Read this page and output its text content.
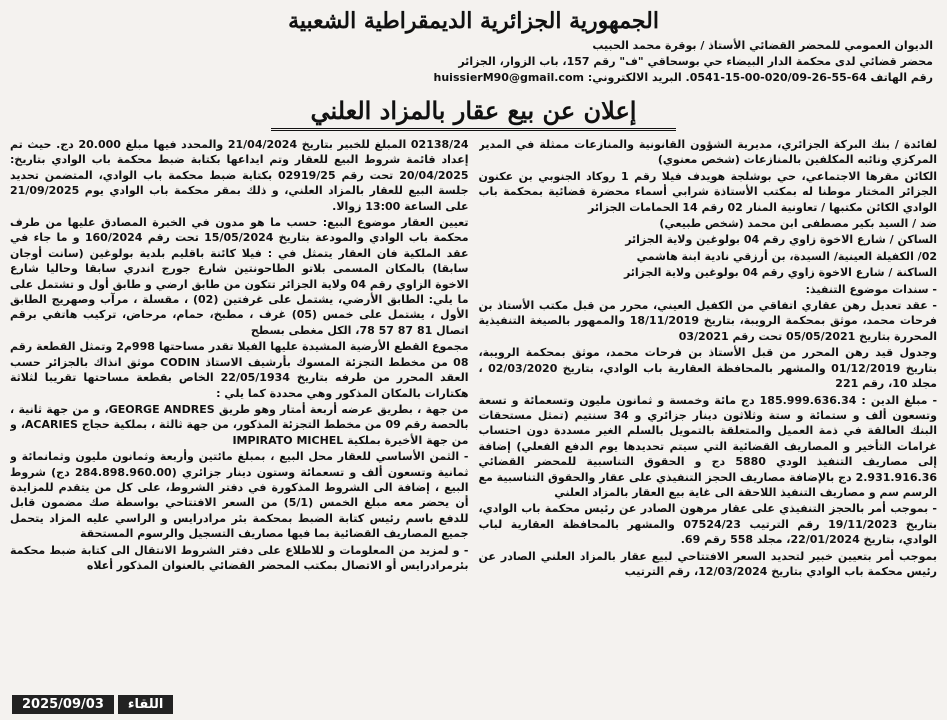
الجمهورية الجزائرية الديمقراطية الشعبية
الديوان العمومي للمحضر القضائي الأستاذ / بوقرة محمد الحبيب
محضر قضائي لدى محكمة الدار البيضاء حي بوسحاقي "ف" رقم 157، باب الزوار، الجزائر
رقم الهاتف 64-55-26-020/09-00-15-0541. البريد الالكتروني: huissierM90@gmail.com
إعلان عن بيع عقار بالمزاد العلني

لفائدة / بنك البركة الجزائري، مديرية الشؤون القانونية والمنازعات ممثلة في المدير المركزي ونائبه المكلفين بالمنازعات (شخص معنوي)

الكائن مقرها الاجتماعي، حي بوشلجة هويدف فيلا رقم 1 روكاد الجنوبي بن عكنون الجزائر المختار موطنا له بمكتب الأستاذة شرابي أسماء محضرة قضائية بمحكمة باب الوادي الكائن مكتبها / تعاونية المنار 02 رقم 14 الحمامات الجزائر

ضد / السيد بكير مصطفى ابن محمد (شخص طبيعي)

الساكن / شارع الاخوة زاوي رقم 04 بولوغين ولاية الجزائر

02/ الكفيلة العينية/ السيدة، بن أرزقي نادية ابنة هاشمي

الساكنة / شارع الاخوة زاوي رقم 04 بولوغين ولاية الجزائر

- سندات موضوع التنفيذ:

- عقد تعديل رهن عقاري اتفاقي من الكفيل العيني، محرر من قبل مكتب الأستاذ بن فرحات محمد، موثق بمحكمة الرويبة، بتاريخ 18/11/2019 والممهور بالصيغة التنفيذية المحررة بتاريخ 05/05/2021 تحت رقم 03/2021

وجدول قيد رهن المحرر من قبل الأستاذ بن فرحات محمد، موثق بمحكمة الرويبة، بتاريخ 01/12/2019 والمشهر بالمحافظة العقارية باب الوادي، بتاريخ 02/03/2020 ، مجلد 10، رقم 221

- مبلغ الدين : 185.999.636.34 دج مائة وخمسة و ثمانون مليون وتسعمائة و تسعة وتسعون ألف و ستمائة و ستة وثلاثون دينار جزائري و 34 سنتيم (تمثل مستحقات البنك العالقة في ذمة العميل والمتعلقة بالتمويل بالسلم الغير مسددة دون احتساب غرامات التأخير و المصاريف القضائية التي سيتم تحديدها يوم الدفع الفعلي) إضافة إلى مصاريف التنفيذ الودي 5880 دج و الحقوق التناسبية للمحضر القضائي 2.931.916.36 دج بالإضافة مصاريف الحجز التنفيذي على عقار والحقوق التناسبية مع الرسم سم و مصاريف التنفيذ اللاحقة الى غاية بيع العقار بالمزاد العلني

- بموجب أمر بالحجز التنفيذي على عقار مرهون الصادر عن رئيس محكمة باب الوادي، بتاريخ 19/11/2023 رقم الترتيب 07524/23 والمشهر بالمحافظة العقارية لباب الوادي، بتاريخ 22/01/2024، مجلد 558 رقم 69.

بموجب أمر بتعيين خبير لتحديد السعر الافتتاحي لبيع عقار بالمزاد العلني الصادر عن رئيس محكمة باب الوادي بتاريخ 12/03/2024، رقم الترتيب

02138/24 المبلغ للخبير بتاريخ 21/04/2024 والمحدد فيها مبلغ 20.000 دج. حيث تم إعداد قائمة شروط البيع للعقار وتم ايداعها بكتابة ضبط محكمة باب الوادي بتاريخ: 20/04/2025 تحت رقم 02919/25 بكتابة ضبط محكمة باب الوادي، المتضمن تحديد جلسة البيع للعقار بالمزاد العلني، و ذلك بمقر محكمة باب الوادي يوم 21/09/2025 على الساعة 13:00 زوالا.

تعيين العقار موضوع البيع: حسب ما هو مدون في الخبرة المصادق عليها من طرف محكمة باب الوادي والمودعة بتاريخ 15/05/2024 تحت رقم 160/2024 و ما جاء في عقد الملكية فان العقار يتمثل في : فيلا كائنة باقليم بلدية بولوغين (سانت أوجان سابقا) بالمكان المسمى بلاتو الطاحونتين شارع جورج اندري سابقا وحاليا شارع الاخوة الزاوي رقم 04 ولاية الجزائر تتكون من طابق ارضي و طابق أول و تشتمل على ما يلي: الطابق الأرضي، يشتمل على غرفتين (02) ، مقسلة ، مرآب وصهريج الطابق الأول ، يشتمل على خمس (05) غرف ، مطبخ، حمام، مرحاض، تركيب هاتفي برقم اتصال 81 87 57 78، الكل مغطى بسطح

مجموع القطع الأرضية المشيدة عليها الفيلا تقدر مساحتها 998م2 وتمثل القطعة رقم 08 من مخطط التجزئة المسوك بأرشيف الاستاذ CODIN موثق انذاك بالجزائر حسب العقد المحرر من طرفه بتاريخ 22/05/1934 الخاص بقطعة مساحتها تقريبا لثلاثة هكتارات بالمكان المذكور وهي محددة كما يلي :

من جهة ، بطريق عرضه أربعة أمتار وهو طريق GEORGE ANDRES، و من جهة ثانية ، بالحصة رقم 09 من مخطط التجزئة المذكور، من جهة ثالثة ، بملكية حجاج ACARIES، و من جهة الأخيرة بملكية IMPIRATO MICHEL

- الثمن الأساسي للعقار محل البيع ، بمبلغ مائتين وأربعة وثمانون مليون وثمانمائة و ثمانية وتسعون ألف و تسعمائة وستون دينار جزائري (284.898.960.00 دج) شروط البيع ، إضافة الى الشروط المذكورة في دفتر الشروط، على كل من يتقدم للمزايدة أن يحضر معه مبلغ الخمس (5/1) من السعر الافتتاحي بواسطة صك مضمون قابل للدفع باسم رئيس كتابة الضبط بمحكمة بئر مرادرايس و الراسي عليه المزاد يتحمل جميع المصاريف القضائية بما فيها مصاريف التسجيل والرسوم المستحقة

- و لمزيد من المعلومات و للاطلاع على دفتر الشروط الانتقال الى كتابة ضبط محكمة بئرمرادرايس أو الاتصال بمكتب المحضر القضائي بالعنوان المذكور أعلاه

اللقاء
2025/09/03
